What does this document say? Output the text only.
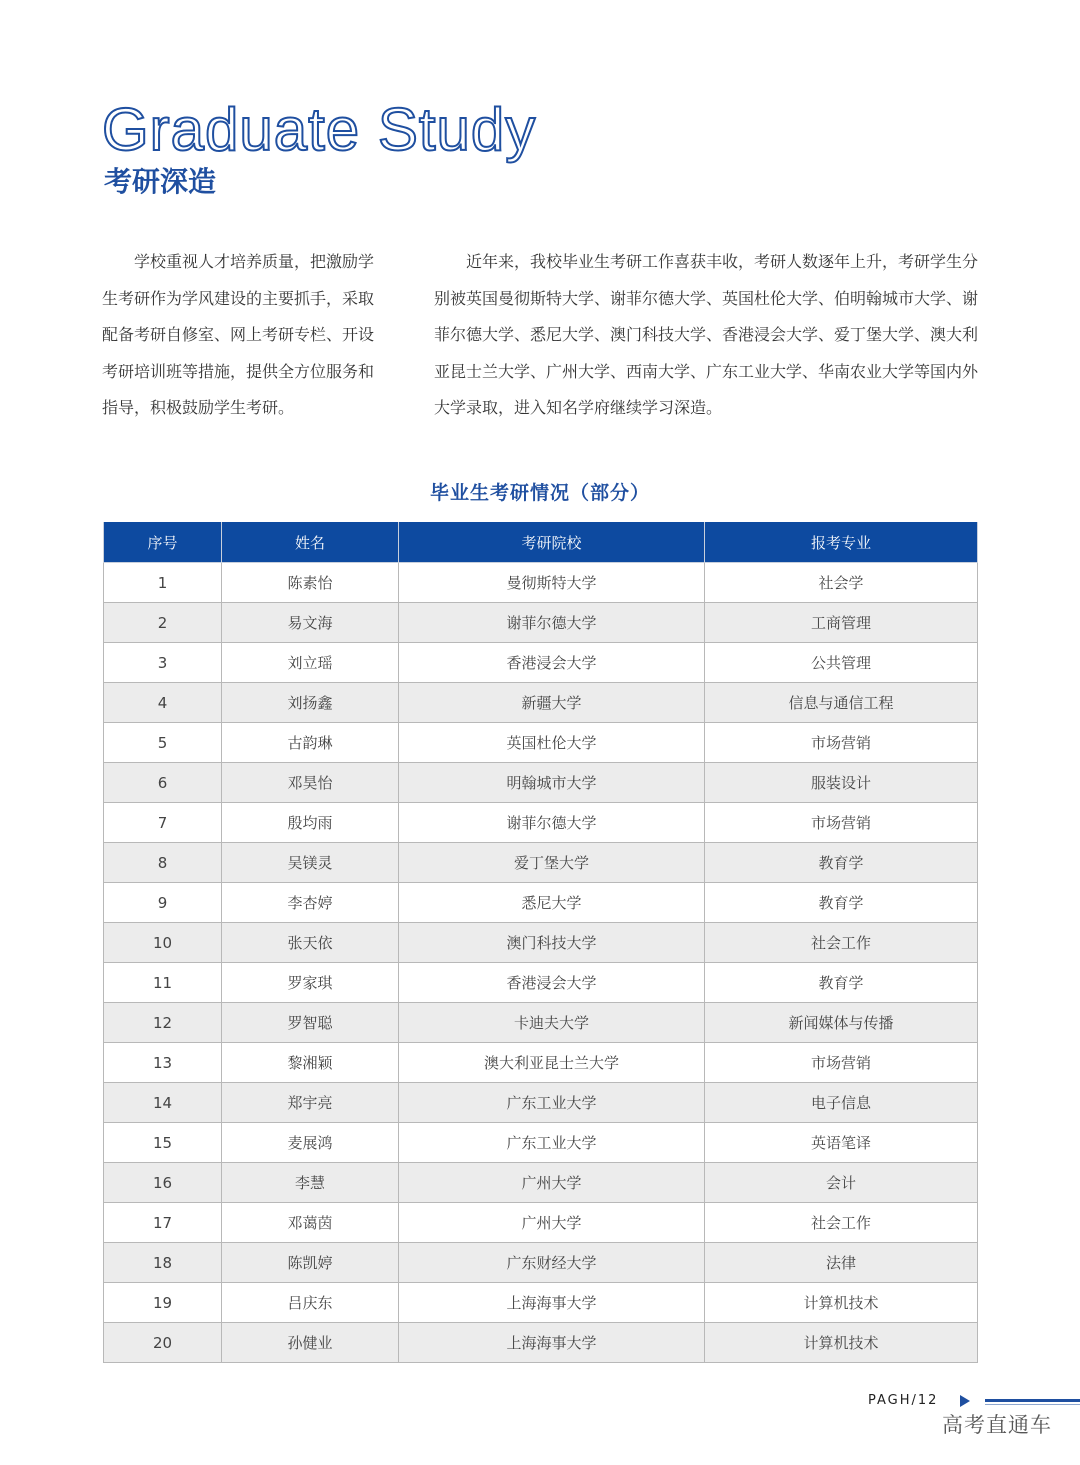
Graduate Study
考研深造
学校重视人才培养质量，把激励学生考研作为学风建设的主要抓手，采取配备考研自修室、网上考研专栏、开设考研培训班等措施，提供全方位服务和指导，积极鼓励学生考研。
近年来，我校毕业生考研工作喜获丰收，考研人数逐年上升，考研学生分别被英国曼彻斯特大学、谢菲尔德大学、英国杜伦大学、伯明翰城市大学、谢菲尔德大学、悉尼大学、澳门科技大学、香港浸会大学、爱丁堡大学、澳大利亚昆士兰大学、广州大学、西南大学、广东工业大学、华南农业大学等国内外大学录取，进入知名学府继续学习深造。
毕业生考研情况（部分）
序号	姓名	考研院校	报考专业
1	陈素怡	曼彻斯特大学	社会学
2	易文海	谢菲尔德大学	工商管理
3	刘立瑶	香港浸会大学	公共管理
4	刘扬鑫	新疆大学	信息与通信工程
5	古韵琳	英国杜伦大学	市场营销
6	邓昊怡	明翰城市大学	服装设计
7	殷均雨	谢菲尔德大学	市场营销
8	吴镁灵	爱丁堡大学	教育学
9	李杏婷	悉尼大学	教育学
10	张天依	澳门科技大学	社会工作
11	罗家琪	香港浸会大学	教育学
12	罗智聪	卡迪夫大学	新闻媒体与传播
13	黎湘颖	澳大利亚昆士兰大学	市场营销
14	郑宇亮	广东工业大学	电子信息
15	麦展鸿	广东工业大学	英语笔译
16	李慧	广州大学	会计
17	邓蔼茵	广州大学	社会工作
18	陈凯婷	广东财经大学	法律
19	吕庆东	上海海事大学	计算机技术
20	孙健业	上海海事大学	计算机技术
PAGH/12
高考直通车
